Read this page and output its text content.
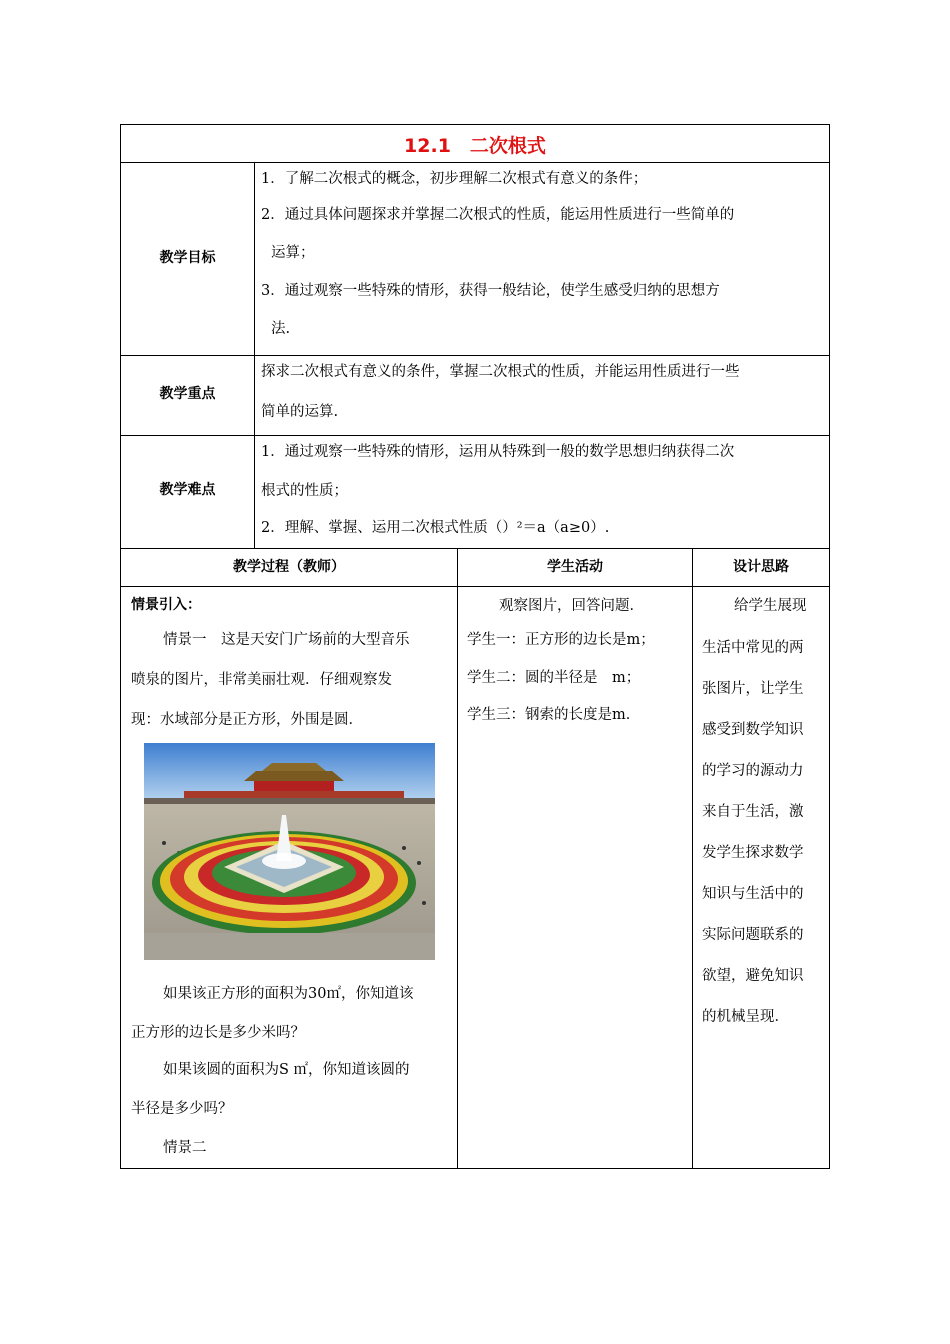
12.1　二次根式
教学目标
1．了解二次根式的概念，初步理解二次根式有意义的条件；
2．通过具体问题探求并掌握二次根式的性质，能运用性质进行一些简单的
运算；
3．通过观察一些特殊的情形，获得一般结论，使学生感受归纳的思想方
法.
教学重点
探求二次根式有意义的条件，掌握二次根式的性质，并能运用性质进行一些
简单的运算.
教学难点
1．通过观察一些特殊的情形，运用从特殊到一般的数学思想归纳获得二次
根式的性质；
2．理解、掌握、运用二次根式性质（）²＝a（a≥0）.
教学过程（教师）	学生活动	设计思路
情景引入：
情景一　这是天安门广场前的大型音乐
喷泉的图片，非常美丽壮观．仔细观察发
现：水域部分是正方形，外围是圆．
如果该正方形的面积为30㎡，你知道该
正方形的边长是多少米吗？
如果该圆的面积为S ㎡，你知道该圆的
半径是多少吗？
情景二
观察图片，回答问题．
学生一：正方形的边长是m；
学生二：圆的半径是　m；
学生三：钢索的长度是m．
给学生展现
生活中常见的两
张图片，让学生
感受到数学知识
的学习的源动力
来自于生活，激
发学生探求数学
知识与生活中的
实际问题联系的
欲望，避免知识
的机械呈现．
